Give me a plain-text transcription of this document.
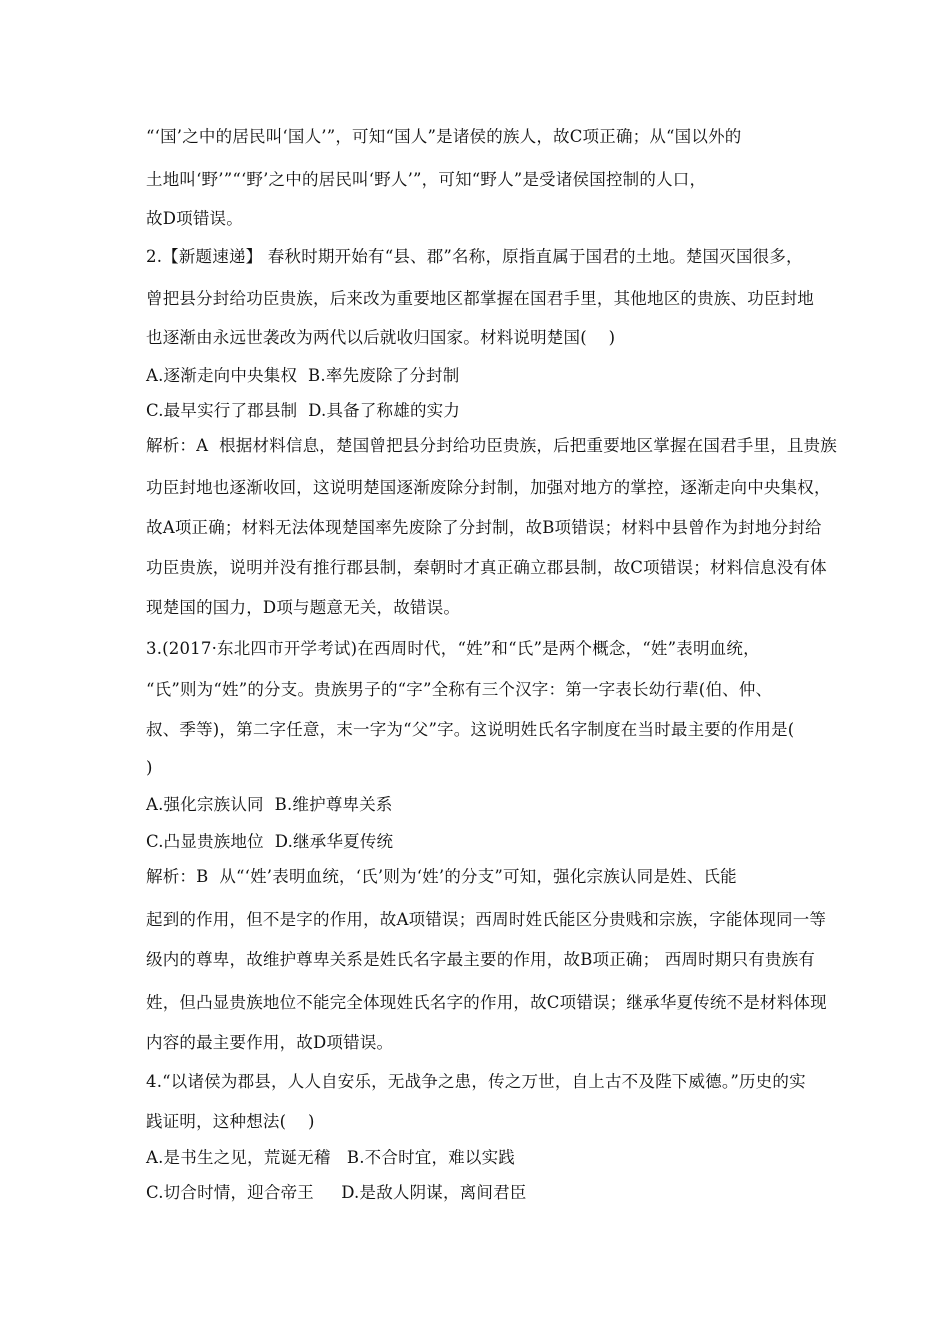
“‘国’之中的居民叫‘国人’”，可知“国人”是诸侯的族人，故C项正确；从“国以外的

土地叫‘野’”“‘野’之中的居民叫‘野人’”，可知“野人”是受诸侯国控制的人口，

故D项错误。

2.【新题速递】 春秋时期开始有“县、郡”名称，原指直属于国君的土地。楚国灭国很多，

曾把县分封给功臣贵族，后来改为重要地区都掌握在国君手里，其他地区的贵族、功臣封地

也逐渐由永远世袭改为两代以后就收归国家。材料说明楚国(    )

A.逐渐走向中央集权  B.率先废除了分封制

C.最早实行了郡县制  D.具备了称雄的实力

解析：A  根据材料信息，楚国曾把县分封给功臣贵族，后把重要地区掌握在国君手里，且贵族

功臣封地也逐渐收回，这说明楚国逐渐废除分封制，加强对地方的掌控，逐渐走向中央集权，

故A项正确；材料无法体现楚国率先废除了分封制，故B项错误；材料中县曾作为封地分封给

功臣贵族，说明并没有推行郡县制，秦朝时才真正确立郡县制，故C项错误；材料信息没有体

现楚国的国力，D项与题意无关，故错误。

3.(2017·东北四市开学考试)在西周时代，“姓”和“氏”是两个概念，“姓”表明血统，

“氏”则为“姓”的分支。贵族男子的“字”全称有三个汉字：第一字表长幼行辈(伯、仲、

叔、季等)，第二字任意，末一字为“父”字。这说明姓氏名字制度在当时最主要的作用是(

)

A.强化宗族认同  B.维护尊卑关系

C.凸显贵族地位  D.继承华夏传统

解析：B  从“‘姓’表明血统，‘氏’则为‘姓’的分支”可知，强化宗族认同是姓、氏能

起到的作用，但不是字的作用，故A项错误；西周时姓氏能区分贵贱和宗族，字能体现同一等

级内的尊卑，故维护尊卑关系是姓氏名字最主要的作用，故B项正确； 西周时期只有贵族有

姓，但凸显贵族地位不能完全体现姓氏名字的作用，故C项错误；继承华夏传统不是材料体现

内容的最主要作用，故D项错误。

4.“以诸侯为郡县，人人自安乐，无战争之患，传之万世，自上古不及陛下威德。”历史的实

践证明，这种想法(    )

A.是书生之见，荒诞无稽   B.不合时宜，难以实践

C.切合时情，迎合帝王     D.是敌人阴谋，离间君臣
